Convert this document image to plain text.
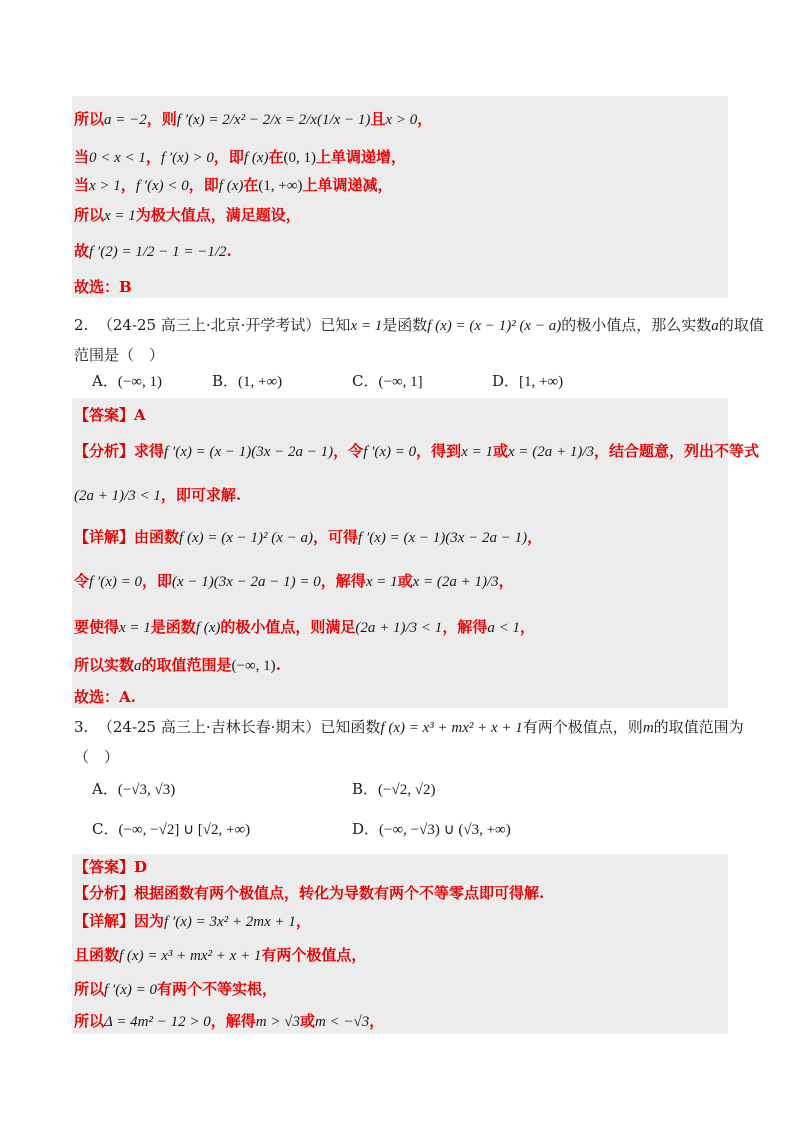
所以a = −2，则f ′(x) = 2/x² − 2/x = 2/x(1/x − 1)且x > 0，
当0 < x < 1，f ′(x) > 0，即f (x)在(0, 1)上单调递增，
当x > 1，f ′(x) < 0，即f (x)在(1, +∞)上单调递减，
所以x = 1为极大值点，满足题设，
故f ′(2) = 1/2 − 1 = −1/2.
故选：B
2. （24-25 高三上·北京·开学考试）已知x = 1是函数f (x) = (x − 1)² (x − a)的极小值点，那么实数a的取值
范围是（　）
A．(−∞, 1)	B．(1, +∞)	C．(−∞, 1]	D．[1, +∞)
【答案】A
【分析】求得f ′(x) = (x − 1)(3x − 2a − 1)，令f ′(x) = 0，得到x = 1或x = (2a + 1)/3，结合题意，列出不等式
(2a + 1)/3 < 1，即可求解.
【详解】由函数f (x) = (x − 1)² (x − a)，可得f ′(x) = (x − 1)(3x − 2a − 1)，
令f ′(x) = 0，即(x − 1)(3x − 2a − 1) = 0，解得x = 1或x = (2a + 1)/3，
要使得x = 1是函数f (x)的极小值点，则满足(2a + 1)/3 < 1，解得a < 1，
所以实数a的取值范围是(−∞, 1).
故选：A.
3. （24-25 高三上·吉林长春·期末）已知函数f (x) = x³ + mx² + x + 1有两个极值点，则m的取值范围为
（　）
A．(−√3, √3)	B．(−√2, √2)
C．(−∞, −√2] ∪ [√2, +∞)	D．(−∞, −√3) ∪ (√3, +∞)
【答案】D
【分析】根据函数有两个极值点，转化为导数有两个不等零点即可得解.
【详解】因为f ′(x) = 3x² + 2mx + 1，
且函数f (x) = x³ + mx² + x + 1有两个极值点，
所以f ′(x) = 0有两个不等实根，
所以Δ = 4m² − 12 > 0，解得m > √3或m < −√3，
